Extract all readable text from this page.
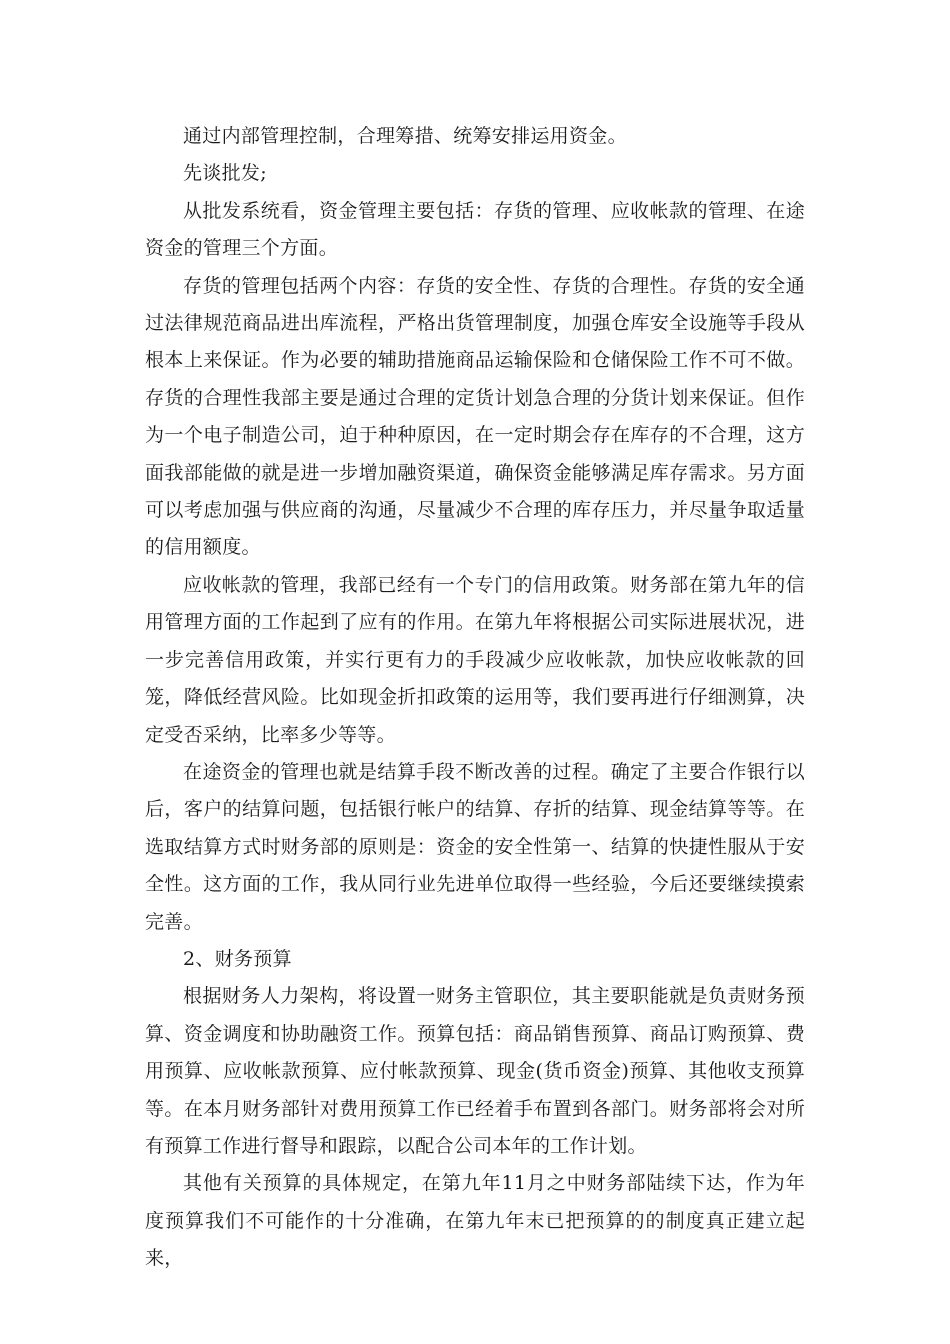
通过内部管理控制，合理筹措、统筹安排运用资金。

先谈批发;

从批发系统看，资金管理主要包括：存货的管理、应收帐款的管理、在途资金的管理三个方面。

存货的管理包括两个内容：存货的安全性、存货的合理性。存货的安全通过法律规范商品进出库流程，严格出货管理制度，加强仓库安全设施等手段从根本上来保证。作为必要的辅助措施商品运输保险和仓储保险工作不可不做。存货的合理性我部主要是通过合理的定货计划急合理的分货计划来保证。但作为一个电子制造公司，迫于种种原因，在一定时期会存在库存的不合理，这方面我部能做的就是进一步增加融资渠道，确保资金能够满足库存需求。另方面可以考虑加强与供应商的沟通，尽量减少不合理的库存压力，并尽量争取适量的信用额度。

应收帐款的管理，我部已经有一个专门的信用政策。财务部在第九年的信用管理方面的工作起到了应有的作用。在第九年将根据公司实际进展状况，进一步完善信用政策，并实行更有力的手段减少应收帐款，加快应收帐款的回笼，降低经营风险。比如现金折扣政策的运用等，我们要再进行仔细测算，决定受否采纳，比率多少等等。

在途资金的管理也就是结算手段不断改善的过程。确定了主要合作银行以后，客户的结算问题，包括银行帐户的结算、存折的结算、现金结算等等。在选取结算方式时财务部的原则是：资金的安全性第一、结算的快捷性服从于安全性。这方面的工作，我从同行业先进单位取得一些经验，今后还要继续摸索完善。

2、财务预算

根据财务人力架构，将设置一财务主管职位，其主要职能就是负责财务预算、资金调度和协助融资工作。预算包括：商品销售预算、商品订购预算、费用预算、应收帐款预算、应付帐款预算、现金(货币资金)预算、其他收支预算等。在本月财务部针对费用预算工作已经着手布置到各部门。财务部将会对所有预算工作进行督导和跟踪，以配合公司本年的工作计划。

其他有关预算的具体规定，在第九年11月之中财务部陆续下达，作为年度预算我们不可能作的十分准确，在第九年末已把预算的的制度真正建立起来，
